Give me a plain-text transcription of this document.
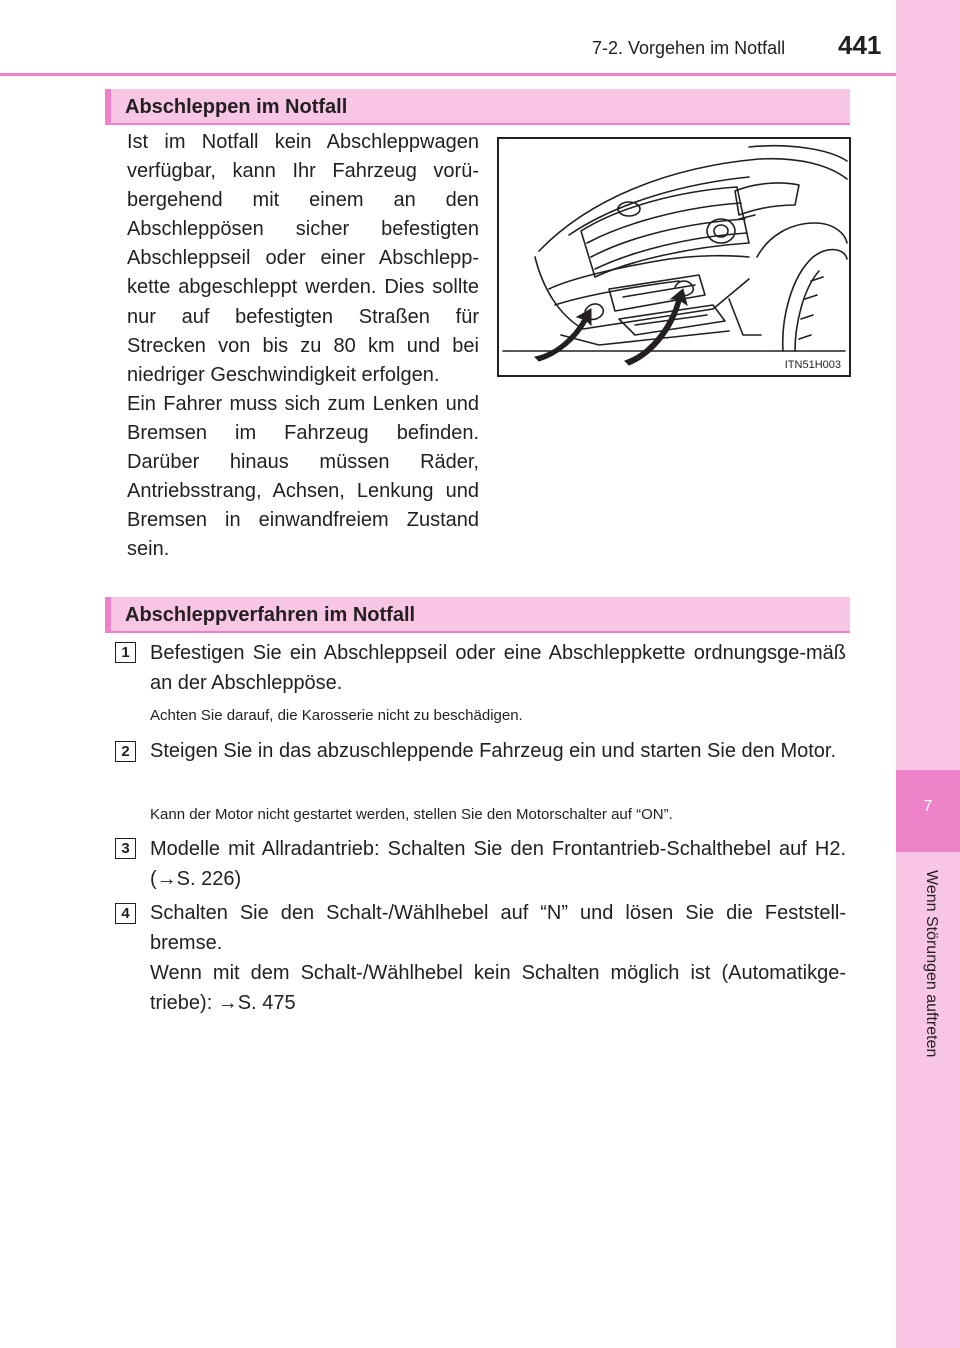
7-2. Vorgehen im Notfall 441
7
Wenn Störungen auftreten
Abschleppen im Notfall

Ist im Notfall kein Abschleppwagen verfügbar, kann Ihr Fahrzeug vorü-bergehend mit einem an den Abschleppösen sicher befestigten Abschleppseil oder einer Abschlepp-kette abgeschleppt werden. Dies sollte nur auf befestigten Straßen für Strecken von bis zu 80 km und bei niedriger Geschwindigkeit erfolgen.

Ein Fahrer muss sich zum Lenken und Bremsen im Fahrzeug befinden. Darüber hinaus müssen Räder, Antriebsstrang, Achsen, Lenkung und Bremsen in einwandfreiem Zustand sein.

ITN51H003
Abschleppverfahren im Notfall
1	Befestigen Sie ein Abschleppseil oder eine Abschleppkette ordnungsge-mäß an der Abschleppöse.

Achten Sie darauf, die Karosserie nicht zu beschädigen.
2	Steigen Sie in das abzuschleppende Fahrzeug ein und starten Sie den Motor.

Kann der Motor nicht gestartet werden, stellen Sie den Motorschalter auf “ON”.
3	Modelle mit Allradantrieb: Schalten Sie den Frontantrieb-Schalthebel auf H2. (→S. 226)

4	Schalten Sie den Schalt-/Wählhebel auf “N” und lösen Sie die Feststell-bremse.

Wenn mit dem Schalt-/Wählhebel kein Schalten möglich ist (Automatikge-triebe): →S. 475
